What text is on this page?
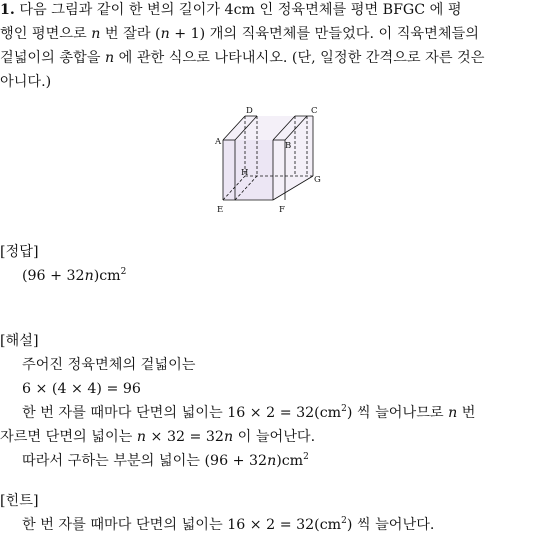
1. 다음 그림과 같이 한 변의 길이가 4cm 인 정육면체를 평면 BFGC 에 평
행인 평면으로 n 번 잘라 (n + 1) 개의 직육면체를 만들었다. 이 직육면체들의
겉넓이의 총합을 n 에 관한 식으로 나타내시오. (단, 일정한 간격으로 자른 것은
아니다.)
A	B
C
D
E	F
G
H
[정답]
$(96 + 32n)cm^2$
[해설]
주어진 정육면체의 겉넓이는
6 × (4 × 4) = 96
한 번 자를 때마다 단면의 넓이는 $16 \times 2 = 32(cm^2)$ 씩 늘어나므로 n 번
자르면 단면의 넓이는 n × 32 = 32n 이 늘어난다.
따라서 구하는 부분의 넓이는 $(96 + 32n)cm^2$
[힌트]
한 번 자를 때마다 단면의 넓이는 $16 \times 2 = 32(cm^2)$ 씩 늘어난다.
